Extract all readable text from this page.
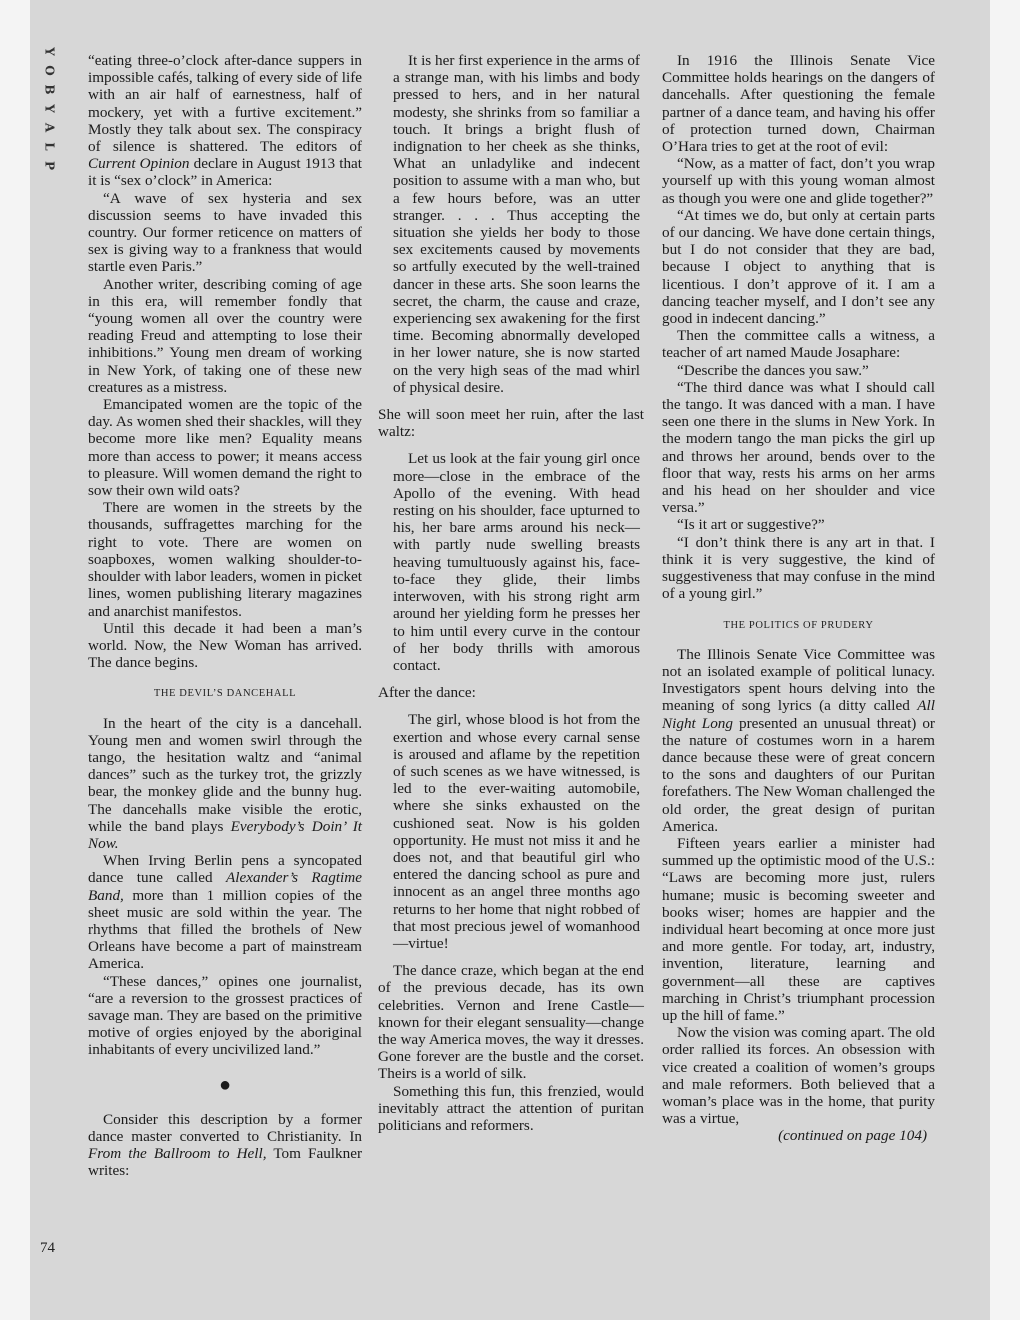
Y
O
B
Y
A
L
P
74

“eating three-o’clock after-dance suppers in impossible cafés, talking of every side of life with an air half of earnestness, half of mockery, yet with a furtive excitement.” Mostly they talk about sex. The conspiracy of silence is shattered. The editors of Current Opinion declare in August 1913 that it is “sex o’clock” in America:

“A wave of sex hysteria and sex discussion seems to have invaded this country. Our former reticence on matters of sex is giving way to a frankness that would startle even Paris.”

Another writer, describing coming of age in this era, will remember fondly that “young women all over the country were reading Freud and attempting to lose their inhibitions.” Young men dream of working in New York, of taking one of these new creatures as a mistress.

Emancipated women are the topic of the day. As women shed their shackles, will they become more like men? Equality means more than access to power; it means access to pleasure. Will women demand the right to sow their own wild oats?

There are women in the streets by the thousands, suffragettes marching for the right to vote. There are women on soapboxes, women walking shoulder-to-shoulder with labor leaders, women in picket lines, women publishing literary magazines and anarchist manifestos.

Until this decade it had been a man’s world. Now, the New Woman has arrived. The dance begins.

THE DEVIL’S DANCEHALL

In the heart of the city is a dancehall. Young men and women swirl through the tango, the hesitation waltz and “animal dances” such as the turkey trot, the grizzly bear, the monkey glide and the bunny hug. The dancehalls make visible the erotic, while the band plays Everybody’s Doin’ It Now.

When Irving Berlin pens a syncopated dance tune called Alexander’s Ragtime Band, more than 1 million copies of the sheet music are sold within the year. The rhythms that filled the brothels of New Orleans have become a part of mainstream America.

“These dances,” opines one journalist, “are a reversion to the grossest practices of savage man. They are based on the primitive motive of orgies enjoyed by the aboriginal inhabitants of every uncivilized land.”

●

Consider this description by a former dance master converted to Christianity. In From the Ballroom to Hell, Tom Faulkner writes:

It is her first experience in the arms of a strange man, with his limbs and body pressed to hers, and in her natural modesty, she shrinks from so familiar a touch. It brings a bright flush of indignation to her cheek as she thinks, What an unladylike and indecent position to assume with a man who, but a few hours before, was an utter stranger. . . . Thus accepting the situation she yields her body to those sex excitements caused by movements so artfully executed by the well-trained dancer in these arts. She soon learns the secret, the charm, the cause and craze, experiencing sex awakening for the first time. Becoming abnormally developed in her lower nature, she is now started on the very high seas of the mad whirl of physical desire.

She will soon meet her ruin, after the last waltz:

Let us look at the fair young girl once more—close in the embrace of the Apollo of the evening. With head resting on his shoulder, face upturned to his, her bare arms around his neck—with partly nude swelling breasts heaving tumultuously against his, face-to-face they glide, their limbs interwoven, with his strong right arm around her yielding form he presses her to him until every curve in the contour of her body thrills with amorous contact.

After the dance:

The girl, whose blood is hot from the exertion and whose every carnal sense is aroused and aflame by the repetition of such scenes as we have witnessed, is led to the ever-waiting automobile, where she sinks exhausted on the cushioned seat. Now is his golden opportunity. He must not miss it and he does not, and that beautiful girl who entered the dancing school as pure and innocent as an angel three months ago returns to her home that night robbed of that most precious jewel of womanhood—virtue!

The dance craze, which began at the end of the previous decade, has its own celebrities. Vernon and Irene Castle—known for their elegant sensuality—change the way America moves, the way it dresses. Gone forever are the bustle and the corset. Theirs is a world of silk.

Something this fun, this frenzied, would inevitably attract the attention of puritan politicians and reformers.

In 1916 the Illinois Senate Vice Committee holds hearings on the dangers of dancehalls. After questioning the female partner of a dance team, and having his offer of protection turned down, Chairman O’Hara tries to get at the root of evil:

“Now, as a matter of fact, don’t you wrap yourself up with this young woman almost as though you were one and glide together?”

“At times we do, but only at certain parts of our dancing. We have done certain things, but I do not consider that they are bad, because I object to anything that is licentious. I don’t approve of it. I am a dancing teacher myself, and I don’t see any good in indecent dancing.”

Then the committee calls a witness, a teacher of art named Maude Josaphare:

“Describe the dances you saw.”

“The third dance was what I should call the tango. It was danced with a man. I have seen one there in the slums in New York. In the modern tango the man picks the girl up and throws her around, bends over to the floor that way, rests his arms on her arms and his head on her shoulder and vice versa.”

“Is it art or suggestive?”

“I don’t think there is any art in that. I think it is very suggestive, the kind of suggestiveness that may confuse in the mind of a young girl.”

THE POLITICS OF PRUDERY

The Illinois Senate Vice Committee was not an isolated example of political lunacy. Investigators spent hours delving into the meaning of song lyrics (a ditty called All Night Long presented an unusual threat) or the nature of costumes worn in a harem dance because these were of great concern to the sons and daughters of our Puritan forefathers. The New Woman challenged the old order, the great design of puritan America.

Fifteen years earlier a minister had summed up the optimistic mood of the U.S.: “Laws are becoming more just, rulers humane; music is becoming sweeter and books wiser; homes are happier and the individual heart becoming at once more just and more gentle. For today, art, industry, invention, literature, learning and government—all these are captives marching in Christ’s triumphant procession up the hill of fame.”

Now the vision was coming apart. The old order rallied its forces. An obsession with vice created a coalition of women’s groups and male reformers. Both believed that a woman’s place was in the home, that purity was a virtue,

(continued on page 104)
